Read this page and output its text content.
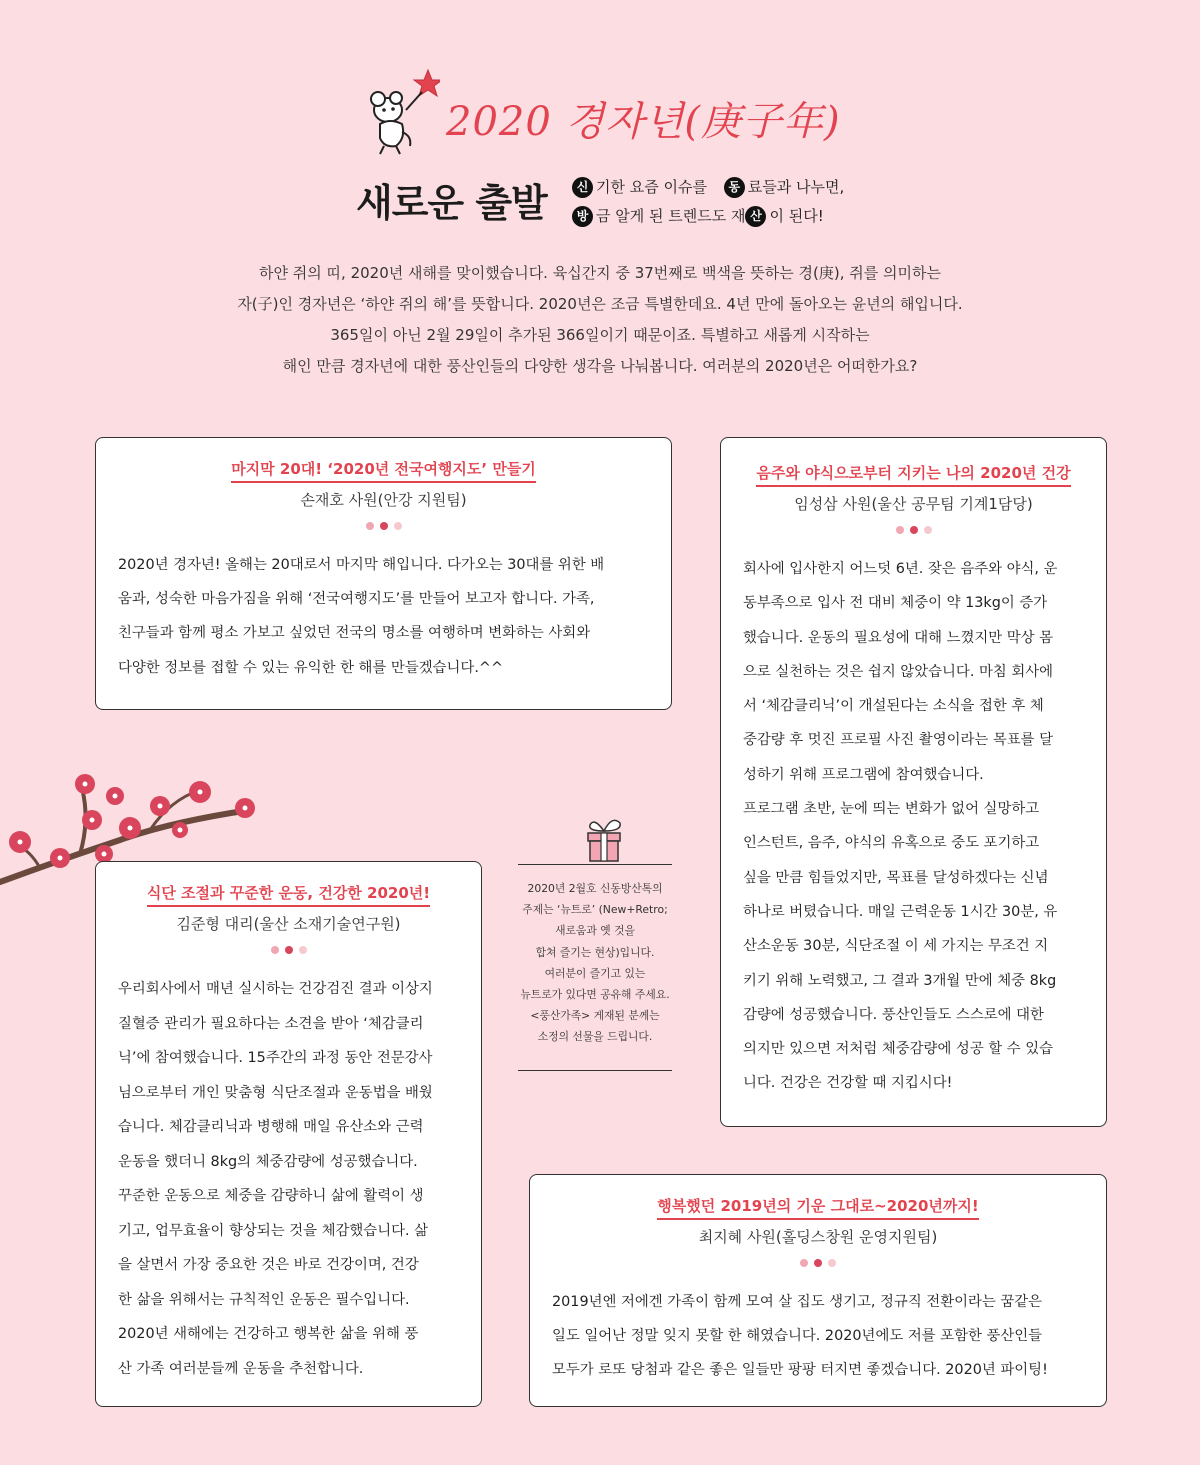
2020 경자년(庚子年)
새로운 출발	신 기한 요즘 이슈를 동 료들과 나누면,
방 금 알게 된 트렌드도 재 산 이 된다!

하얀 쥐의 띠, 2020년 새해를 맞이했습니다. 육십간지 중 37번째로 백색을 뜻하는 경(庚), 쥐를 의미하는

자(子)인 경자년은 ‘하얀 쥐의 해’를 뜻합니다. 2020년은 조금 특별한데요. 4년 만에 돌아오는 윤년의 해입니다.

365일이 아닌 2월 29일이 추가된 366일이기 때문이죠. 특별하고 새롭게 시작하는

해인 만큼 경자년에 대한 풍산인들의 다양한 생각을 나눠봅니다. 여러분의 2020년은 어떠한가요?

마지막 20대! ‘2020년 전국여행지도’ 만들기
손재호 사원(안강 지원팀)

2020년 경자년! 올해는 20대로서 마지막 해입니다. 다가오는 30대를 위한 배

움과, 성숙한 마음가짐을 위해 ‘전국여행지도’를 만들어 보고자 합니다. 가족,

친구들과 함께 평소 가보고 싶었던 전국의 명소를 여행하며 변화하는 사회와

다양한 정보를 접할 수 있는 유익한 한 해를 만들겠습니다.^^

음주와 야식으로부터 지키는 나의 2020년 건강
임성삼 사원(울산 공무팀 기계1담당)

회사에 입사한지 어느덧 6년. 잦은 음주와 야식, 운

동부족으로 입사 전 대비 체중이 약 13kg이 증가

했습니다. 운동의 필요성에 대해 느꼈지만 막상 몸

으로 실천하는 것은 쉽지 않았습니다. 마침 회사에

서 ‘체감클리닉’이 개설된다는 소식을 접한 후 체

중감량 후 멋진 프로필 사진 촬영이라는 목표를 달

성하기 위해 프로그램에 참여했습니다.

프로그램 초반, 눈에 띄는 변화가 없어 실망하고

인스턴트, 음주, 야식의 유혹으로 중도 포기하고

싶을 만큼 힘들었지만, 목표를 달성하겠다는 신념

하나로 버텼습니다. 매일 근력운동 1시간 30분, 유

산소운동 30분, 식단조절 이 세 가지는 무조건 지

키기 위해 노력했고, 그 결과 3개월 만에 체중 8kg

감량에 성공했습니다. 풍산인들도 스스로에 대한

의지만 있으면 저처럼 체중감량에 성공 할 수 있습

니다. 건강은 건강할 때 지킵시다!

식단 조절과 꾸준한 운동, 건강한 2020년!
김준형 대리(울산 소재기술연구원)

우리회사에서 매년 실시하는 건강검진 결과 이상지

질혈증 관리가 필요하다는 소견을 받아 ‘체감클리

닉’에 참여했습니다. 15주간의 과정 동안 전문강사

님으로부터 개인 맞춤형 식단조절과 운동법을 배웠

습니다. 체감클리닉과 병행해 매일 유산소와 근력

운동을 했더니 8kg의 체중감량에 성공했습니다.

꾸준한 운동으로 체중을 감량하니 삶에 활력이 생

기고, 업무효율이 향상되는 것을 체감했습니다. 삶

을 살면서 가장 중요한 것은 바로 건강이며, 건강

한 삶을 위해서는 규칙적인 운동은 필수입니다.

2020년 새해에는 건강하고 행복한 삶을 위해 풍

산 가족 여러분들께 운동을 추천합니다.

2020년 2월호 신동방산톡의

주제는 ‘뉴트로’ (New+Retro;

새로움과 옛 것을

합쳐 즐기는 현상)입니다.

여러분이 즐기고 있는

뉴트로가 있다면 공유해 주세요.

<풍산가족> 게재된 분께는

소정의 선물을 드립니다.

행복했던 2019년의 기운 그대로~2020년까지!
최지혜 사원(홀딩스창원 운영지원팀)

2019년엔 저에겐 가족이 함께 모여 살 집도 생기고, 정규직 전환이라는 꿈같은

일도 일어난 정말 잊지 못할 한 해였습니다. 2020년에도 저를 포함한 풍산인들

모두가 로또 당첨과 같은 좋은 일들만 팡팡 터지면 좋겠습니다. 2020년 파이팅!
